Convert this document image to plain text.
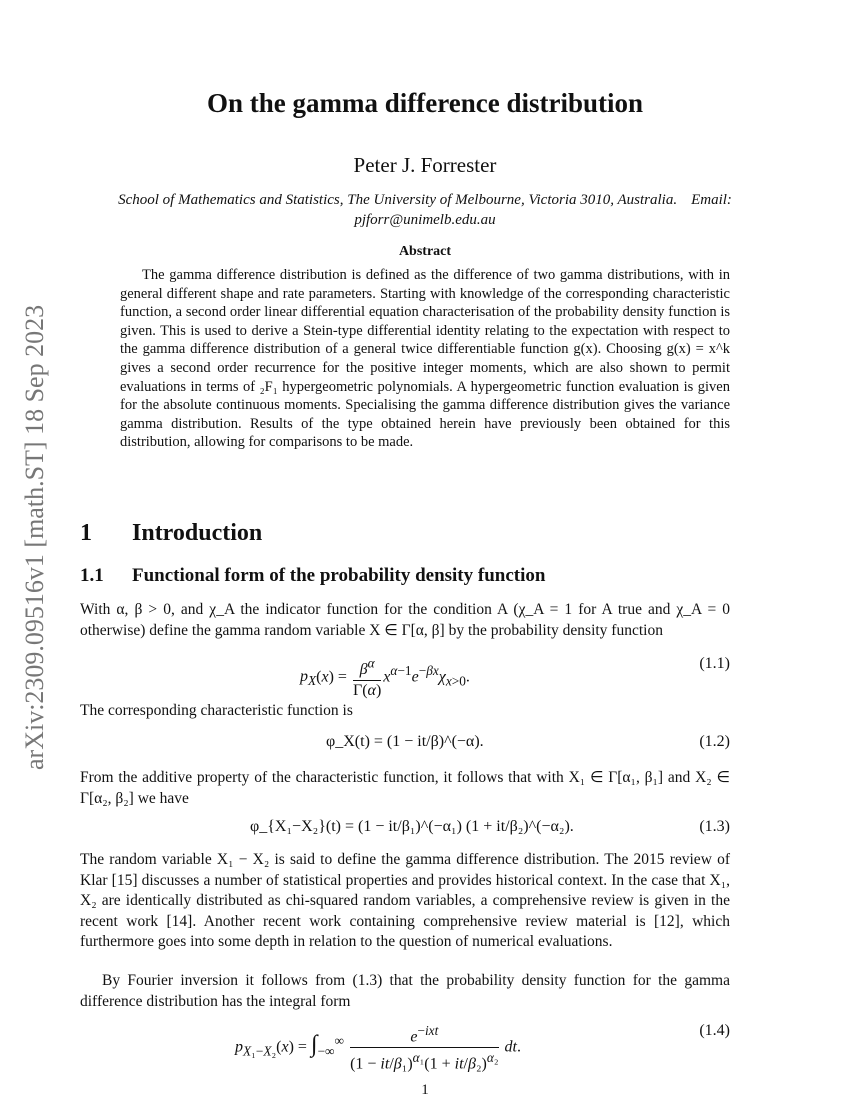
arXiv:2309.09516v1 [math.ST] 18 Sep 2023
On the gamma difference distribution
Peter J. Forrester
School of Mathematics and Statistics, The University of Melbourne, Victoria 3010, Australia. Email: pjforr@unimelb.edu.au
Abstract
The gamma difference distribution is defined as the difference of two gamma distributions, with in general different shape and rate parameters. Starting with knowledge of the corresponding characteristic function, a second order linear differential equation characterisation of the probability density function is given. This is used to derive a Stein-type differential identity relating to the expectation with respect to the gamma difference distribution of a general twice differentiable function g(x). Choosing g(x) = x^k gives a second order recurrence for the positive integer moments, which are also shown to permit evaluations in terms of ₂F₁ hypergeometric polynomials. A hypergeometric function evaluation is given for the absolute continuous moments. Specialising the gamma difference distribution gives the variance gamma distribution. Results of the type obtained herein have previously been obtained for this distribution, allowing for comparisons to be made.
1 Introduction
1.1 Functional form of the probability density function
With α, β > 0, and χ_A the indicator function for the condition A (χ_A = 1 for A true and χ_A = 0 otherwise) define the gamma random variable X ∈ Γ[α, β] by the probability density function
$p_X(x) = \frac{\beta^\alpha}{\Gamma(\alpha)} x^{\alpha-1}e^{-\beta x}\chi_{x>0}$.
(1.1)
The corresponding characteristic function is
φ_X(t) = (1 − it/β)^(−α).	(1.2)
From the additive property of the characteristic function, it follows that with X₁ ∈ Γ[α₁, β₁] and X₂ ∈ Γ[α₂, β₂] we have
φ_{X₁−X₂}(t) = (1 − it/β₁)^(−α₁) (1 + it/β₂)^(−α₂).	(1.3)
The random variable X₁ − X₂ is said to define the gamma difference distribution. The 2015 review of Klar [15] discusses a number of statistical properties and provides historical context. In the case that X₁, X₂ are identically distributed as chi-squared random variables, a comprehensive review is given in the recent work [14]. Another recent work containing comprehensive review material is [12], which furthermore goes into some depth in relation to the question of numerical evaluations.
By Fourier inversion it follows from (1.3) that the probability density function for the gamma difference distribution has the integral form
$p_{X_1-X_2}(x) = \int_{-\infty}^\infty \frac{e^{-ixt}}{(1 - it/\beta_1)^{\alpha_1}(1 + it/\beta_2)^{\alpha_2}}$ dt.
(1.4)
1
